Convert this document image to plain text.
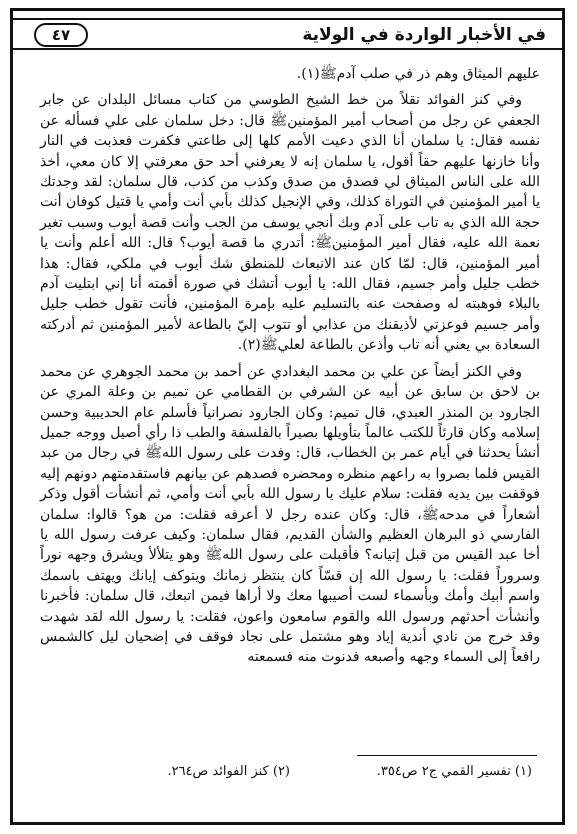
في الأخبار الواردة في الولاية
٤٧

عليهم الميثاق وهم ذر في صلب آدمﷺ(١).

وفي كنز الفوائد نقلاً من خط الشيخ الطوسي من كتاب مسائل البلدان عن جابر الجعفي عن رجل من أصحاب أمير المؤمنينﷺ قال: دخل سلمان على علي فسأله عن نفسه فقال: يا سلمان أنا الذي دعيت الأمم كلها إلى طاعتي فكفرت فعذبت في النار وأنا خازنها عليهم حقاً أقول، يا سلمان إنه لا يعرفني أحد حق معرفتي إلا كان معي، أخذ الله على الناس الميثاق لي فصدق من صدق وكذب من كذب، قال سلمان: لقد وجدتك يا أمير المؤمنين في التوراة كذلك، وفي الإنجيل كذلك بأبي أنت وأمي يا قتيل كوفان أنت حجة الله الذي به تاب على آدم وبك أنجي يوسف من الجب وأنت قصة أيوب وسبب تغير نعمة الله عليه، فقال أمير المؤمنينﷺ: أتدري ما قصة أيوب؟ قال: الله أعلم وأنت يا أمير المؤمنين، قال: لمّا كان عند الانبعاث للمنطق شك أيوب في ملكي، فقال: هذا خطب جليل وأمر جسيم، فقال الله: يا أيوب أتشك في صورة أقمته أنا إني ابتليت آدم بالبلاء فوهبته له وصفحت عنه بالتسليم عليه بإمرة المؤمنين، فأنت تقول خطب جليل وأمر جسيم فوعزتي لأذيقنك من عذابي أو تتوب إليّ بالطاعة لأمير المؤمنين ثم أدركته السعادة بي يعني أنه تاب وأذعن بالطاعة لعليﷺ(٢).

وفي الكنز أيضاً عن علي بن محمد البغدادي عن أحمد بن محمد الجوهري عن محمد بن لاحق بن سابق عن أبيه عن الشرفي بن القطامي عن تميم بن وعلة المري عن الجارود بن المنذر العبدي، قال تميم: وكان الجارود نصرانياً فأسلم عام الحديبية وحسن إسلامه وكان قارئاً للكتب عالماً بتأويلها بصيراً بالفلسفة والطب ذا رأي أصيل ووجه جميل أنشأ يحدثنا في أيام عمر بن الخطاب، قال: وفدت على رسول اللهﷺ في رجال من عبد القيس فلما بصروا به راعهم منظره ومحضره فصدهم عن بيانهم فاستقدمتهم دونهم إليه فوقفت بين يديه فقلت: سلام عليك يا رسول الله بأبي أنت وأمي، ثم أنشأت أقول وذكر أشعاراً في مدحهﷺ، قال: وكان عنده رجل لا أعرفه فقلت: من هو؟ قالوا: سلمان الفارسي ذو البرهان العظيم والشأن القديم، فقال سلمان: وكيف عرفت رسول الله يا أخا عبد القيس من قبل إتيانه؟ فأقبلت على رسول اللهﷺ وهو يتلألأ ويشرق وجهه نوراً وسروراً فقلت: يا رسول الله إن قسّاً كان ينتظر زمانك ويتوكف إيانك ويهتف باسمك واسم أبيك وأمك وبأسماء لست أصيبها معك ولا أراها فيمن اتبعك، قال سلمان: فأخبرنا وأنشأت أحدثهم ورسول الله والقوم سامعون واعون، فقلت: يا رسول الله لقد شهدت وقد خرج من نادي أندية إياد وهو مشتمل على نجاد فوقف في إضحيان ليل كالشمس رافعاً إلى السماء وجهه وأصبعه فدنوت منه فسمعته

(١) تفسير القمي ج٢ ص٣٥٤.
(٢) كنز الفوائد ص٢٦٤.
